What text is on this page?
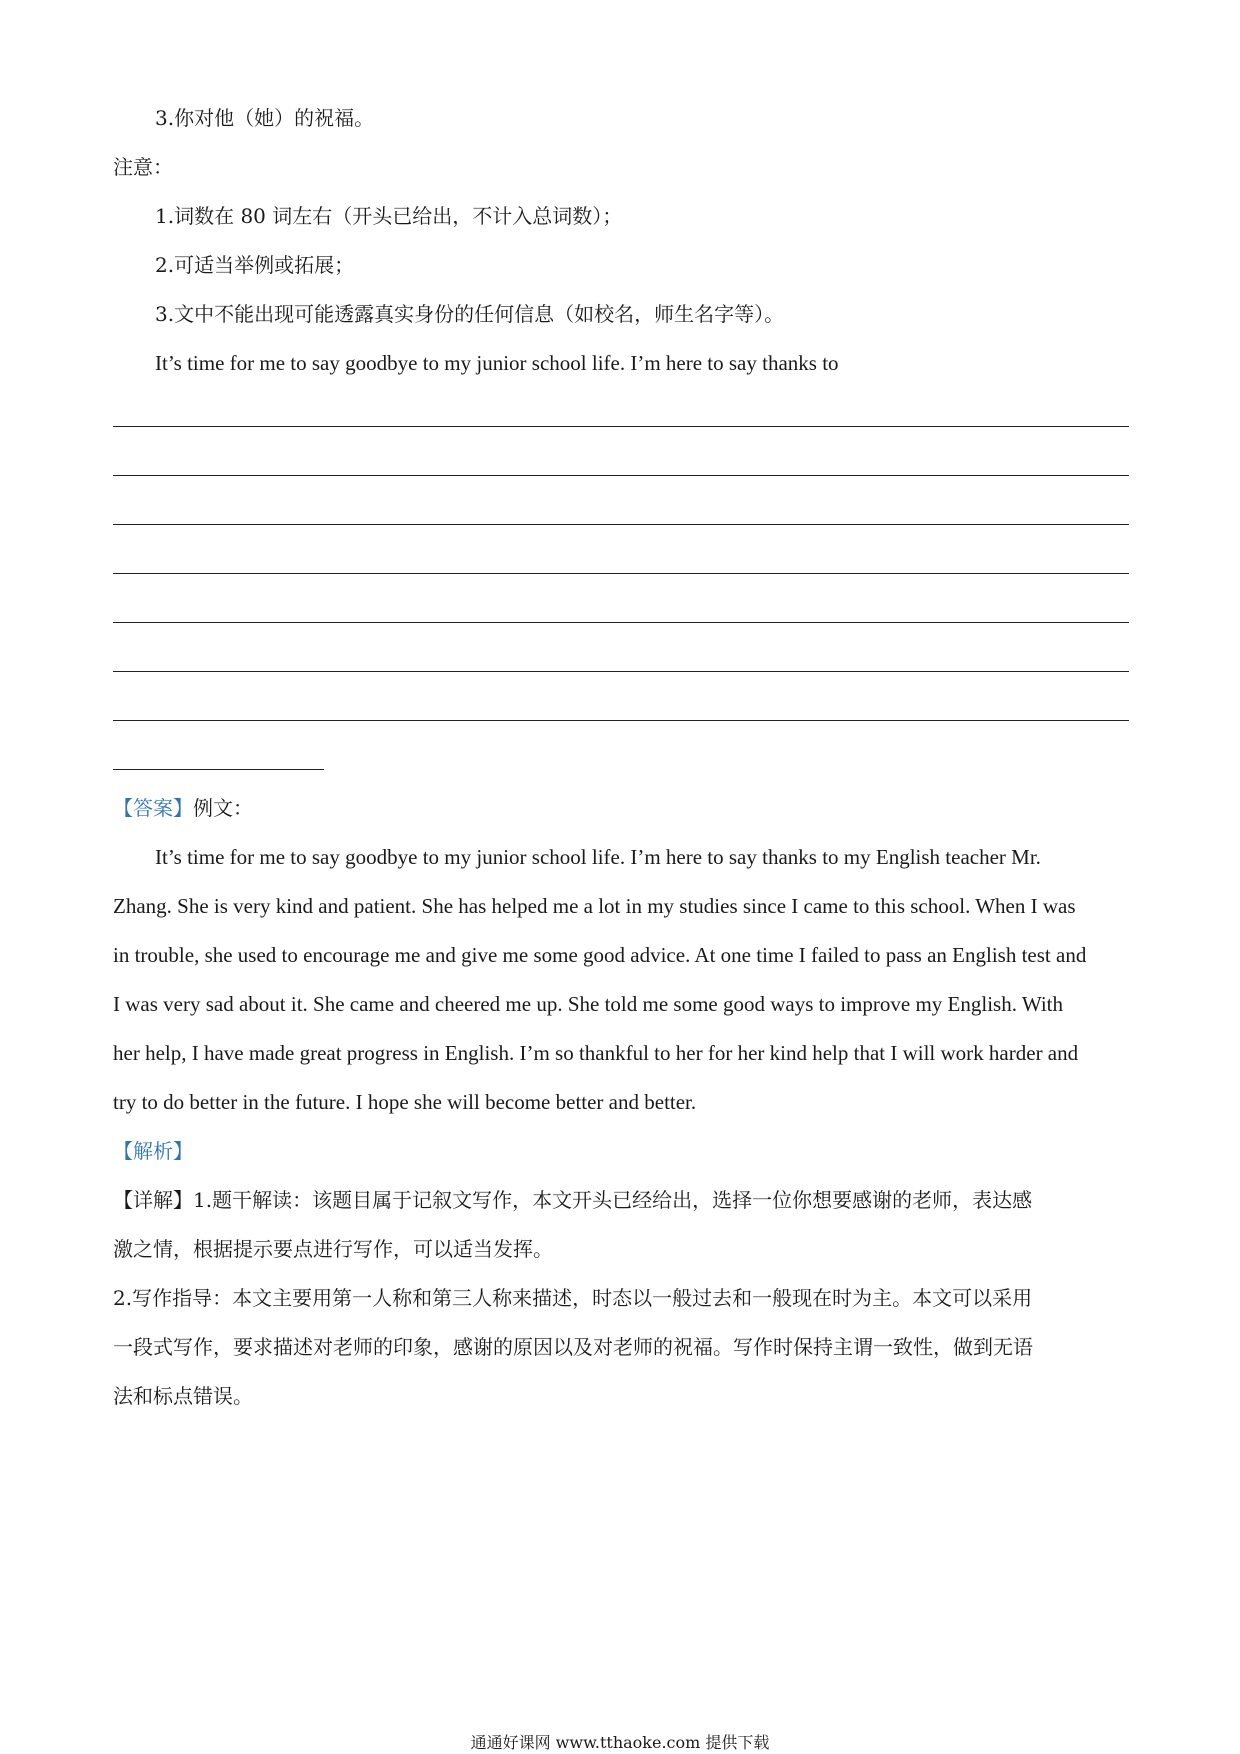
3.你对他（她）的祝福。
注意：
1.词数在 80 词左右（开头已给出，不计入总词数）；
2.可适当举例或拓展；
3.文中不能出现可能透露真实身份的任何信息（如校名，师生名字等）。
It’s time for me to say goodbye to my junior school life. I’m here to say thanks to
【答案】例文：
It’s time for me to say goodbye to my junior school life. I’m here to say thanks to my English teacher Mr.
Zhang. She is very kind and patient. She has helped me a lot in my studies since I came to this school. When I was
in trouble, she used to encourage me and give me some good advice. At one time I failed to pass an English test and
I was very sad about it. She came and cheered me up. She told me some good ways to improve my English. With
her help, I have made great progress in English. I’m so thankful to her for her kind help that I will work harder and
try to do better in the future. I hope she will become better and better.
【解析】
【详解】1.题干解读：该题目属于记叙文写作，本文开头已经给出，选择一位你想要感谢的老师，表达感
激之情，根据提示要点进行写作，可以适当发挥。
2.写作指导：本文主要用第一人称和第三人称来描述，时态以一般过去和一般现在时为主。本文可以采用
一段式写作，要求描述对老师的印象，感谢的原因以及对老师的祝福。写作时保持主谓一致性，做到无语
法和标点错误。
通通好课网 www.tthaoke.com 提供下载
